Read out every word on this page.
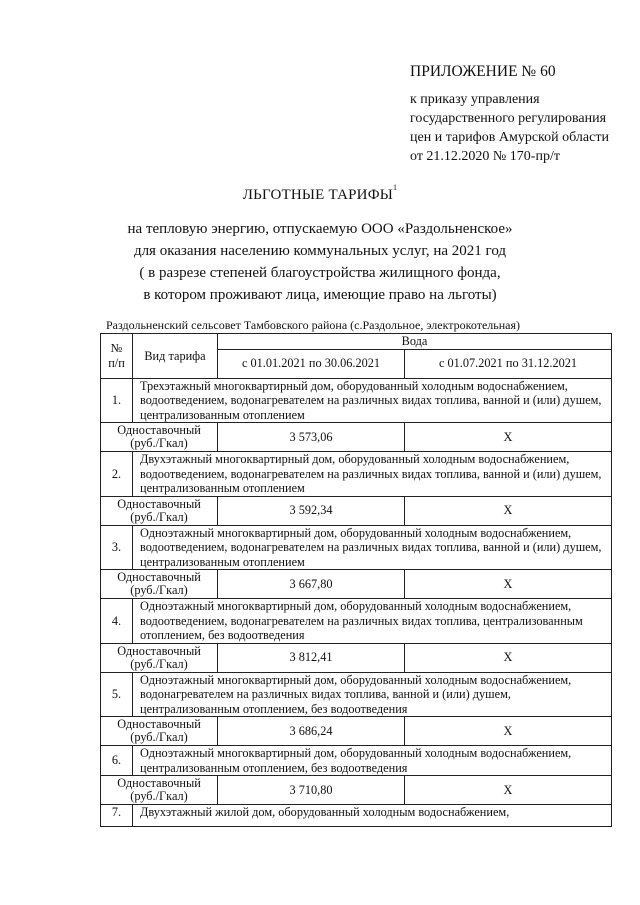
ПРИЛОЖЕНИЕ № 60
к приказу управления
государственного регулирования
цен и тарифов Амурской области
от 21.12.2020 № 170-пр/т
ЛЬГОТНЫЕ ТАРИФЫ$^1$
на тепловую энергию, отпускаемую ООО «Раздольненское»
для оказания населению коммунальных услуг, на 2021 год
( в разрезе степеней благоустройства жилищного фонда,
в котором проживают лица, имеющие право на льготы)
Раздольненский сельсовет Тамбовского района (с.Раздольное, электрокотельная)
№
п/п	Вид тарифа	Вода	
		с 01.01.2021 по 30.06.2021	с 01.07.2021 по 31.12.2021
1.	Трехэтажный многоквартирный дом, оборудованный холодным водоснабжением, водоотведением, водонагревателем на различных видах топлива, ванной и (или) душем, централизованным отоплением		
Одноставочный
(руб./Гкал)		3 573,06	X
2.	Двухэтажный многоквартирный дом, оборудованный холодным водоснабжением, водоотведением, водонагревателем на различных видах топлива, ванной и (или) душем, централизованным отоплением		
Одноставочный
(руб./Гкал)		3 592,34	X
3.	Одноэтажный многоквартирный дом, оборудованный холодным водоснабжением, водоотведением, водонагревателем на различных видах топлива, ванной и (или) душем, централизованным отоплением		
Одноставочный
(руб./Гкал)		3 667,80	X
4.	Одноэтажный многоквартирный дом, оборудованный холодным водоснабжением, водоотведением, водонагревателем на различных видах топлива, централизованным отоплением, без водоотведения		
Одноставочный
(руб./Гкал)		3 812,41	X
5.	Одноэтажный многоквартирный дом, оборудованный холодным водоснабжением, водонагревателем на различных видах топлива, ванной и (или) душем, централизованным отоплением, без водоотведения		
Одноставочный
(руб./Гкал)		3 686,24	X
6.	Одноэтажный многоквартирный дом, оборудованный холодным водоснабжением, централизованным отоплением, без водоотведения		
Одноставочный
(руб./Гкал)		3 710,80	X
7.	Двухэтажный жилой дом, оборудованный холодным водоснабжением,		
